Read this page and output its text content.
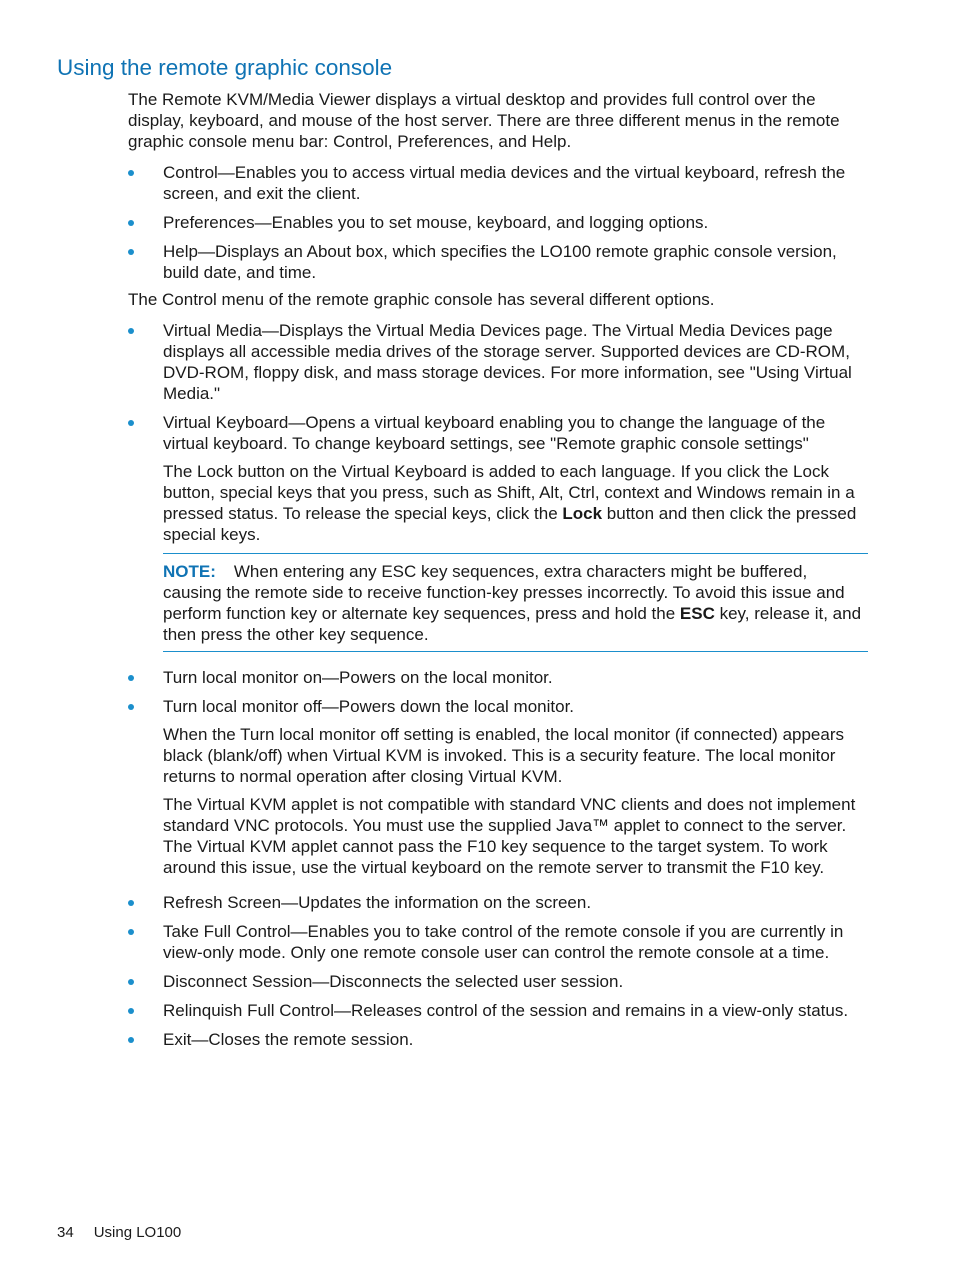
Using the remote graphic console

The Remote KVM/Media Viewer displays a virtual desktop and provides full control over the display, keyboard, and mouse of the host server. There are three different menus in the remote graphic console menu bar: Control, Preferences, and Help.

Control—Enables you to access virtual media devices and the virtual keyboard, refresh the screen, and exit the client.
Preferences—Enables you to set mouse, keyboard, and logging options.
Help—Displays an About box, which specifies the LO100 remote graphic console version, build date, and time.

The Control menu of the remote graphic console has several different options.

Virtual Media—Displays the Virtual Media Devices page. The Virtual Media Devices page displays all accessible media drives of the storage server. Supported devices are CD-ROM, DVD-ROM, floppy disk, and mass storage devices. For more information, see "Using Virtual Media."
Virtual Keyboard—Opens a virtual keyboard enabling you to change the language of the virtual keyboard. To change keyboard settings, see "Remote graphic console settings"

The Lock button on the Virtual Keyboard is added to each language. If you click the Lock button, special keys that you press, such as Shift, Alt, Ctrl, context and Windows remain in a pressed status. To release the special keys, click the Lock button and then click the pressed special keys.

NOTE: When entering any ESC key sequences, extra characters might be buffered, causing the remote side to receive function-key presses incorrectly. To avoid this issue and perform function key or alternate key sequences, press and hold the ESC key, release it, and then press the other key sequence.
Turn local monitor on—Powers on the local monitor.
Turn local monitor off—Powers down the local monitor.

When the Turn local monitor off setting is enabled, the local monitor (if connected) appears black (blank/off) when Virtual KVM is invoked. This is a security feature. The local monitor returns to normal operation after closing Virtual KVM.

The Virtual KVM applet is not compatible with standard VNC clients and does not implement standard VNC protocols. You must use the supplied Java™ applet to connect to the server. The Virtual KVM applet cannot pass the F10 key sequence to the target system. To work around this issue, use the virtual keyboard on the remote server to transmit the F10 key.

Refresh Screen—Updates the information on the screen.
Take Full Control—Enables you to take control of the remote console if you are currently in view-only mode. Only one remote console user can control the remote console at a time.
Disconnect Session—Disconnects the selected user session.
Relinquish Full Control—Releases control of the session and remains in a view-only status.
Exit—Closes the remote session.
34 Using LO100
